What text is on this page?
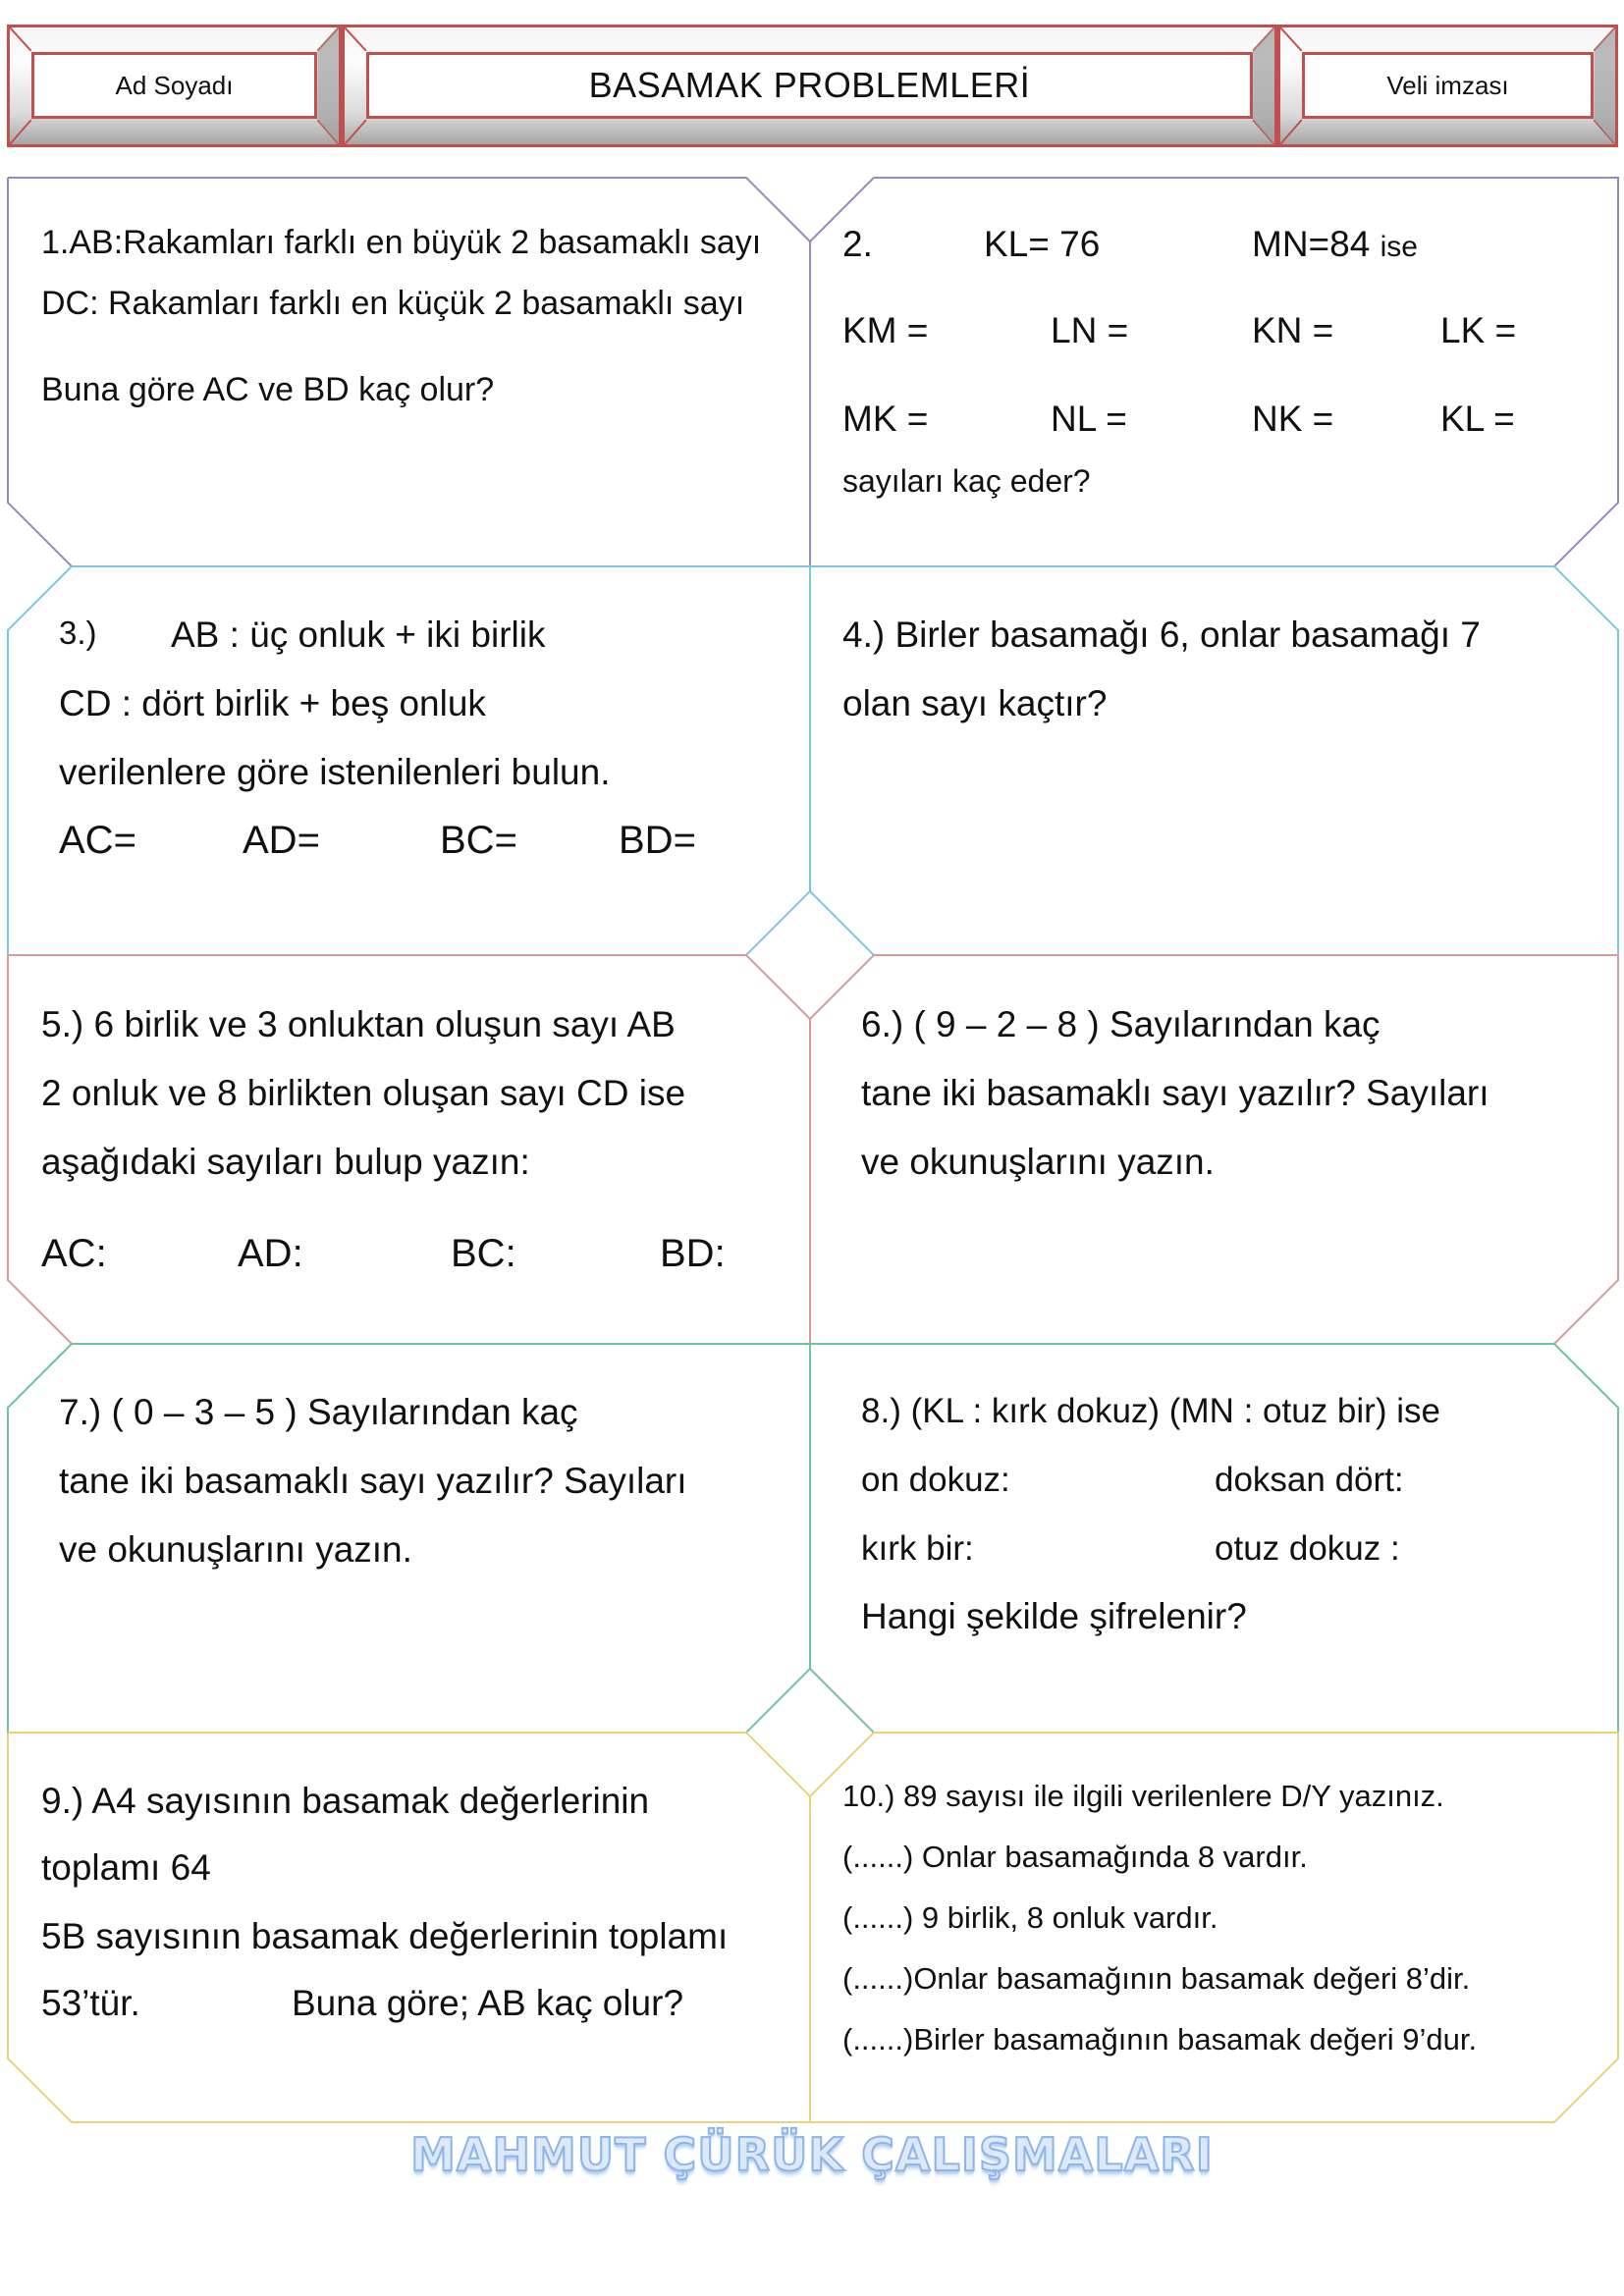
Ad Soyadı	BASAMAK PROBLEMLERİ	Veli imzası
1.AB:Rakamları farklı en büyük 2 basamaklı sayı
DC: Rakamları farklı en küçük 2 basamaklı sayı
Buna göre AC ve BD kaç olur?
2.	KL= 76	MN=84 ise
KM =	LN =	KN =	LK =
MK =	NL =	NK =	KL =
sayıları kaç eder?
3.) AB : üç onluk + iki birlik
CD : dört birlik + beş onluk
verilenlere göre istenilenleri bulun.
AC=	AD=	BC=	BD=
4.) Birler basamağı 6, onlar basamağı 7
olan sayı kaçtır?
5.) 6 birlik ve 3 onluktan oluşun sayı AB
2 onluk ve 8 birlikten oluşan sayı CD ise
aşağıdaki sayıları bulup yazın:
AC:	AD:	BC:	BD:
6.) ( 9 – 2 – 8 ) Sayılarından kaç
tane iki basamaklı sayı yazılır? Sayıları
ve okunuşlarını yazın.
7.) ( 0 – 3 – 5 ) Sayılarından kaç
tane iki basamaklı sayı yazılır? Sayıları
ve okunuşlarını yazın.
8.) (KL : kırk dokuz) (MN : otuz bir) ise
on dokuz:	doksan dört:
kırk bir:	otuz dokuz :
Hangi şekilde şifrelenir?
9.) A4 sayısının basamak değerlerinin
toplamı 64
5B sayısının basamak değerlerinin toplamı
53’tür.	Buna göre; AB kaç olur?
10.) 89 sayısı ile ilgili verilenlere D/Y yazınız.
(......) Onlar basamağında 8 vardır.
(......) 9 birlik, 8 onluk vardır.
(......)Onlar basamağının basamak değeri 8’dir.
(......)Birler basamağının basamak değeri 9’dur.
MAHMUT ÇÜRÜK ÇALIŞMALARI
